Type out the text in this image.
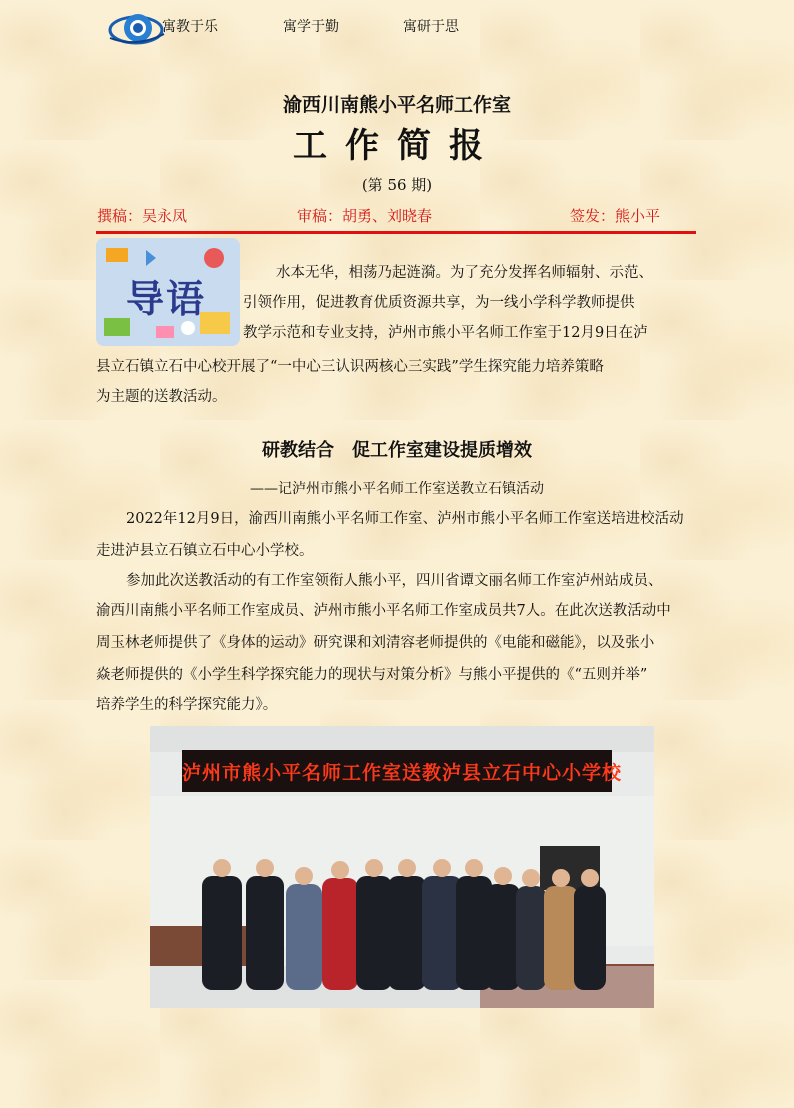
寓教于乐	寓学于勤	寓研于思
渝西川南熊小平名师工作室
工作简报
(第 56 期)
撰稿：吴永凤	审稿：胡勇、刘晓春	签发：熊小平
导语
水本无华，相荡乃起涟漪。为了充分发挥名师辐射、示范、
引领作用，促进教育优质资源共享，为一线小学科学教师提供
教学示范和专业支持，泸州市熊小平名师工作室于12月9日在泸
县立石镇立石中心校开展了“一中心三认识两核心三实践”学生探究能力培养策略
为主题的送教活动。
研教结合　促工作室建设提质增效
——记泸州市熊小平名师工作室送教立石镇活动
2022年12月9日，渝西川南熊小平名师工作室、泸州市熊小平名师工作室送培进校活动
走进泸县立石镇立石中心小学校。
参加此次送教活动的有工作室领衔人熊小平，四川省谭文丽名师工作室泸州站成员、
渝西川南熊小平名师工作室成员、泸州市熊小平名师工作室成员共7人。在此次送教活动中
周玉林老师提供了《身体的运动》研究课和刘清容老师提供的《电能和磁能》，以及张小
焱老师提供的《小学生科学探究能力的现状与对策分析》与熊小平提供的《“五则并举”
培养学生的科学探究能力》。
泸州市熊小平名师工作室送教泸县立石中心小学校
